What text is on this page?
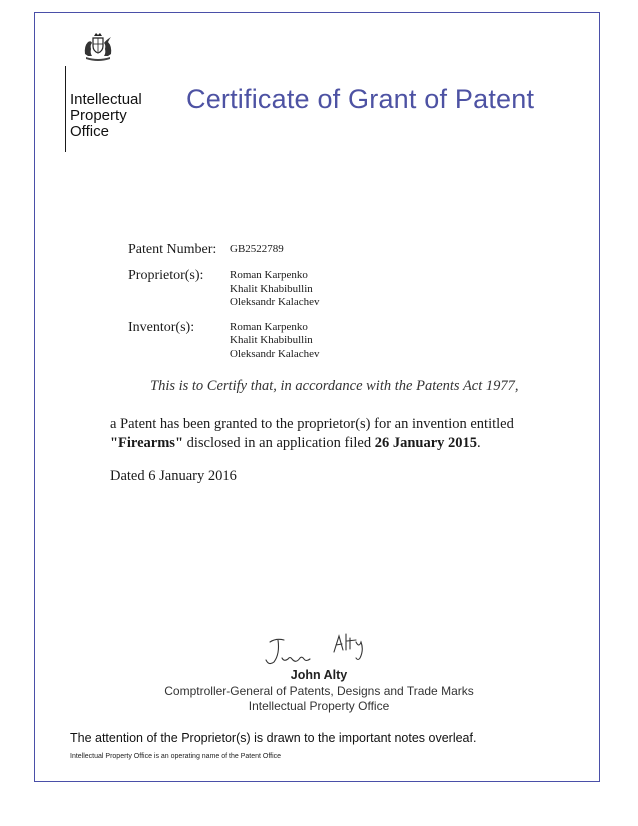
Intellectual
Property
Office
Certificate of Grant of Patent
Patent Number: GB2522789
Proprietor(s): Roman Karpenko
Khalit Khabibullin
Oleksandr Kalachev
Inventor(s):	Roman Karpenko
Khalit Khabibullin
Oleksandr Kalachev
This is to Certify that, in accordance with the Patents Act 1977,
a Patent has been granted to the proprietor(s) for an invention entitled
"Firearms" disclosed in an application filed 26 January 2015.
Dated 6 January 2016
John Alty
Comptroller-General of Patents, Designs and Trade Marks
Intellectual Property Office
The attention of the Proprietor(s) is drawn to the important notes overleaf.
Intellectual Property Office is an operating name of the Patent Office
